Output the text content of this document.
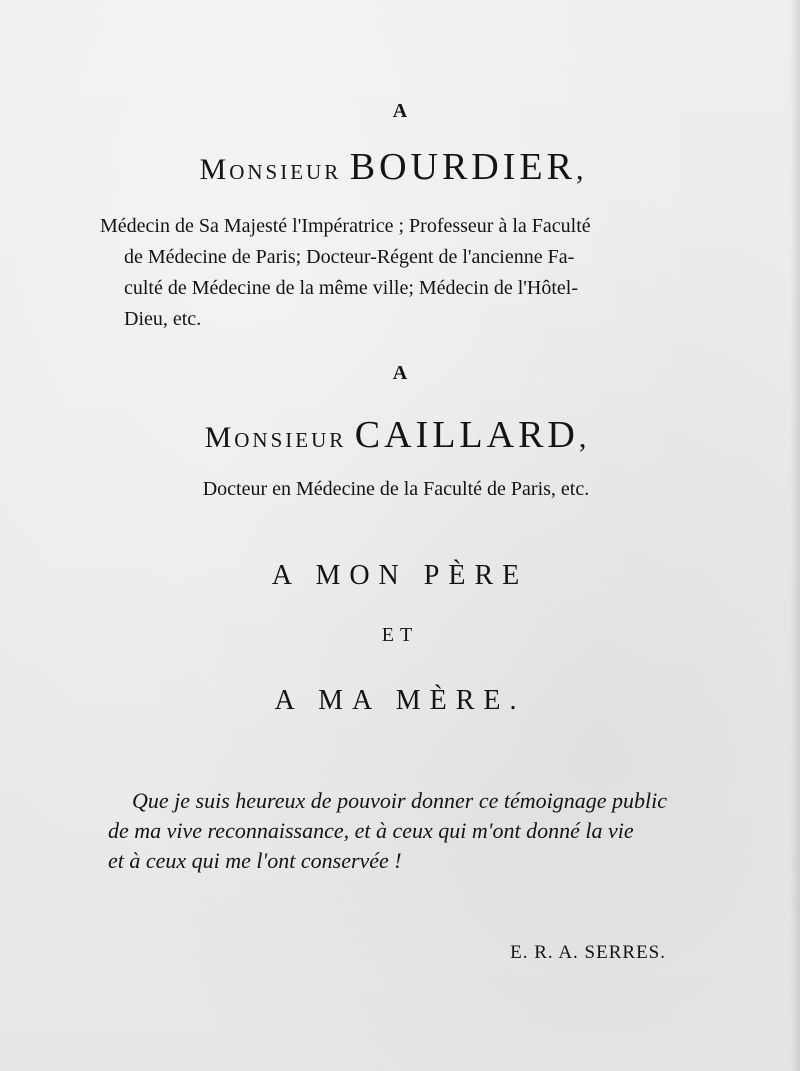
A
Monsieur BOURDIER,
Médecin de Sa Majesté l'Impératrice ; Professeur à la Faculté
de Médecine de Paris; Docteur-Régent de l'ancienne Fa-
culté de Médecine de la même ville; Médecin de l'Hôtel-
Dieu, etc.
A
Monsieur CAILLARD,
Docteur en Médecine de la Faculté de Paris, etc.
A MON PÈRE
ET
A MA MÈRE.
Que je suis heureux de pouvoir donner ce témoignage public
de ma vive reconnaissance, et à ceux qui m'ont donné la vie
et à ceux qui me l'ont conservée !
E. R. A. SERRES.
